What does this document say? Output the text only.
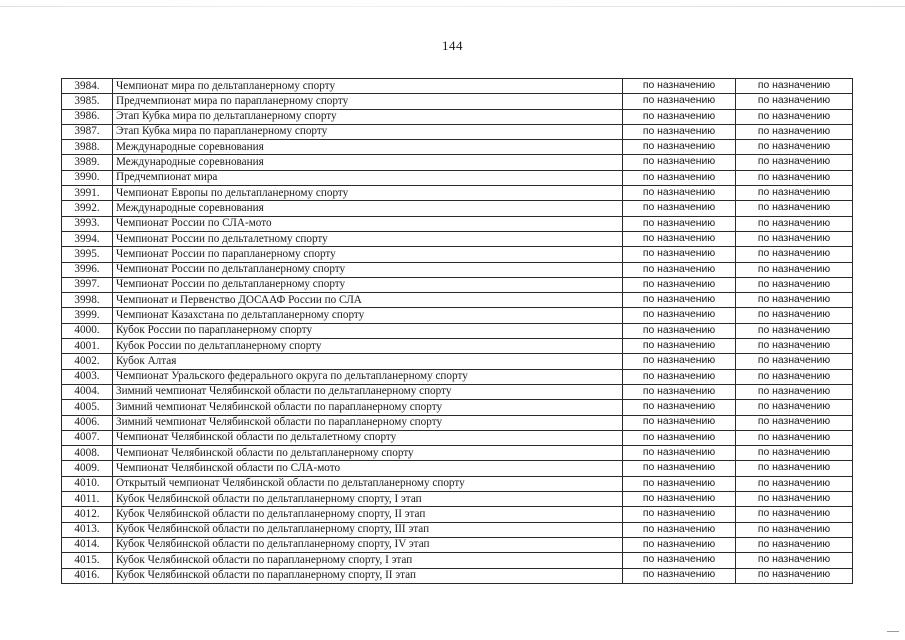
144
3984.	Чемпионат мира по дельтапланерному спорту	по назначению	по назначению
3985.	Предчемпионат мира по парапланерному спорту	по назначению	по назначению
3986.	Этап Кубка мира по дельтапланерному спорту	по назначению	по назначению
3987.	Этап Кубка мира по парапланерному спорту	по назначению	по назначению
3988.	Международные соревнования	по назначению	по назначению
3989.	Международные соревнования	по назначению	по назначению
3990.	Предчемпионат мира	по назначению	по назначению
3991.	Чемпионат Европы по дельтапланерному спорту	по назначению	по назначению
3992.	Международные соревнования	по назначению	по назначению
3993.	Чемпионат России по СЛА-мото	по назначению	по назначению
3994.	Чемпионат России по дельталетному спорту	по назначению	по назначению
3995.	Чемпионат России по парапланерному спорту	по назначению	по назначению
3996.	Чемпионат России по дельтапланерному спорту	по назначению	по назначению
3997.	Чемпионат России по дельтапланерному спорту	по назначению	по назначению
3998.	Чемпионат и Первенство ДОСААФ России по СЛА	по назначению	по назначению
3999.	Чемпионат Казахстана по дельтапланерному спорту	по назначению	по назначению
4000.	Кубок России по парапланерному спорту	по назначению	по назначению
4001.	Кубок России по дельтапланерному спорту	по назначению	по назначению
4002.	Кубок Алтая	по назначению	по назначению
4003.	Чемпионат Уральского федерального округа по дельтапланерному спорту	по назначению	по назначению
4004.	Зимний чемпионат Челябинской области по дельтапланерному спорту	по назначению	по назначению
4005.	Зимний чемпионат Челябинской области по парапланерному спорту	по назначению	по назначению
4006.	Зимний чемпионат Челябинской области по парапланерному спорту	по назначению	по назначению
4007.	Чемпионат Челябинской области по дельталетному спорту	по назначению	по назначению
4008.	Чемпионат Челябинской области по дельтапланерному спорту	по назначению	по назначению
4009.	Чемпионат Челябинской области по СЛА-мото	по назначению	по назначению
4010.	Открытый чемпионат Челябинской области по дельтапланерному спорту	по назначению	по назначению
4011.	Кубок Челябинской области по дельтапланерному спорту, I этап	по назначению	по назначению
4012.	Кубок Челябинской области по дельтапланерному спорту, II этап	по назначению	по назначению
4013.	Кубок Челябинской области по дельтапланерному спорту, III этап	по назначению	по назначению
4014.	Кубок Челябинской области по дельтапланерному спорту, IV этап	по назначению	по назначению
4015.	Кубок Челябинской области по парапланерному спорту, I этап	по назначению	по назначению
4016.	Кубок Челябинской области по парапланерному спорту, II этап	по назначению	по назначению
